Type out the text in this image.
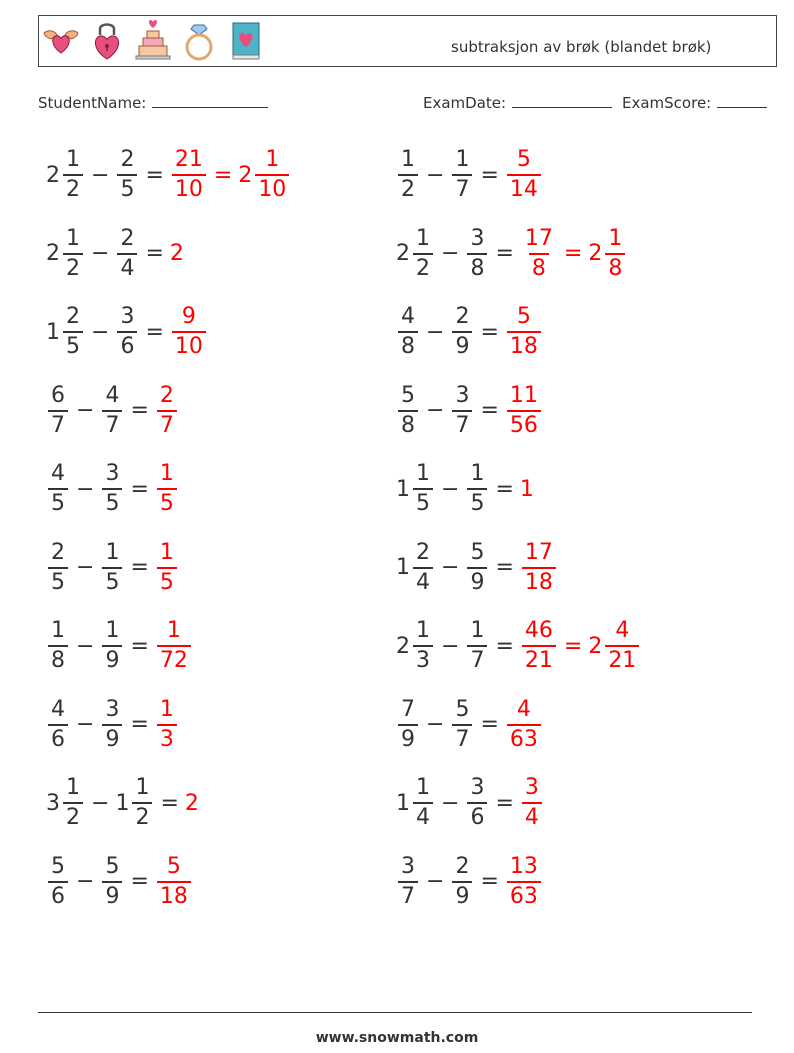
subtraksjon av brøk (blandet brøk)
StudentName:	ExamDate:	ExamScore:
$2 \frac{1}{2} - \frac{2}{5} = \frac{21}{10} = 2 \frac{1}{10}$	$\frac{1}{2} - \frac{1}{7} = \frac{5}{14}$
$2 \frac{1}{2} - \frac{2}{4} = 2$	$2 \frac{1}{2} - \frac{3}{8} = \frac{17}{8} = 2 \frac{1}{8}$
$1 \frac{2}{5} - \frac{3}{6} = \frac{9}{10}$	$\frac{4}{8} - \frac{2}{9} = \frac{5}{18}$
$\frac{6}{7} - \frac{4}{7} = \frac{2}{7}$	$\frac{5}{8} - \frac{3}{7} = \frac{11}{56}$
$\frac{4}{5} - \frac{3}{5} = \frac{1}{5}$	$1 \frac{1}{5} - \frac{1}{5} = 1$
$\frac{2}{5} - \frac{1}{5} = \frac{1}{5}$	$1 \frac{2}{4} - \frac{5}{9} = \frac{17}{18}$
$\frac{1}{8} - \frac{1}{9} = \frac{1}{72}$	$2 \frac{1}{3} - \frac{1}{7} = \frac{46}{21} = 2 \frac{4}{21}$
$\frac{4}{6} - \frac{3}{9} = \frac{1}{3}$	$\frac{7}{9} - \frac{5}{7} = \frac{4}{63}$
$3 \frac{1}{2} - 1 \frac{1}{2} = 2$	$1 \frac{1}{4} - \frac{3}{6} = \frac{3}{4}$
$\frac{5}{6} - \frac{5}{9} = \frac{5}{18}$	$\frac{3}{7} - \frac{2}{9} = \frac{13}{63}$
www.snowmath.com
